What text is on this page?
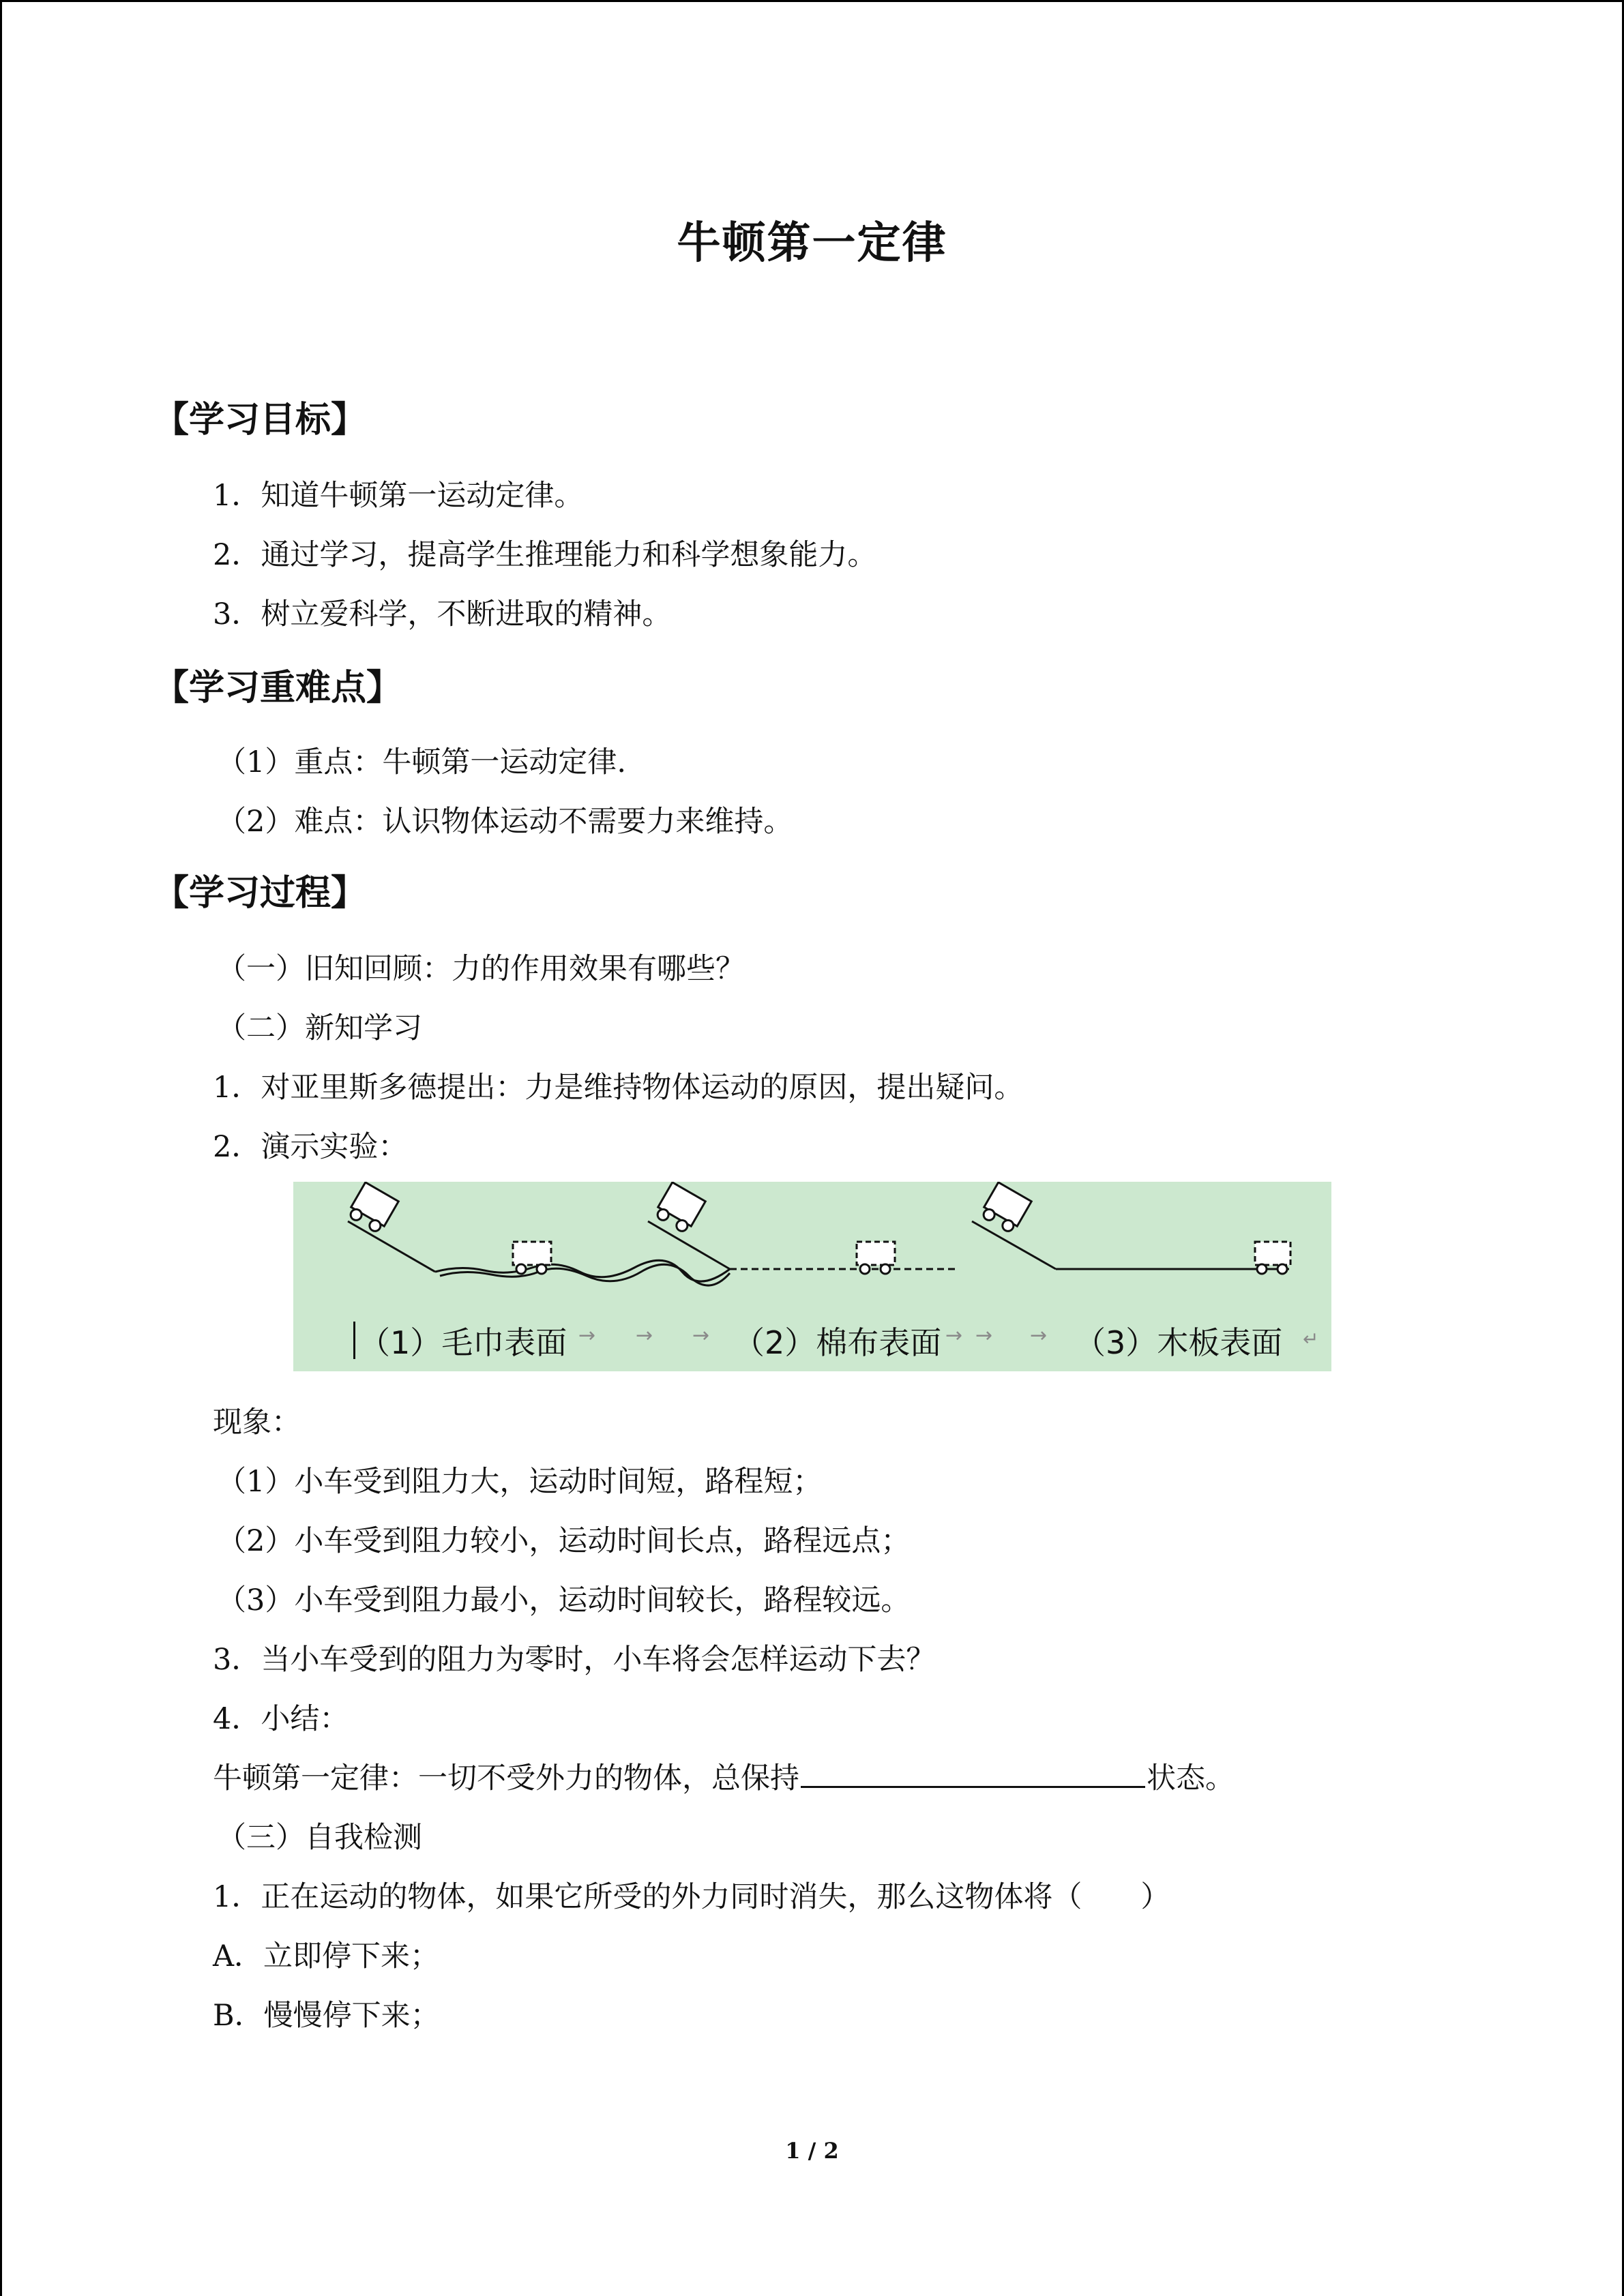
牛顿第一定律
【学习目标】
1．知道牛顿第一运动定律。
2．通过学习，提高学生推理能力和科学想象能力。
3．树立爱科学，不断进取的精神。
【学习重难点】
（1）重点：牛顿第一运动定律.
（2）难点：认识物体运动不需要力来维持。
【学习过程】
（一）旧知回顾：力的作用效果有哪些？
（二）新知学习
1．对亚里斯多德提出：力是维持物体运动的原因，提出疑问。
2．演示实验：
（1）毛巾表面 → → → （2）棉布表面 → → → （3）木板表面 ↵
现象：
（1）小车受到阻力大，运动时间短，路程短；
（2）小车受到阻力较小，运动时间长点，路程远点；
（3）小车受到阻力最小，运动时间较长，路程较远。
3．当小车受到的阻力为零时，小车将会怎样运动下去？
4．小结：
牛顿第一定律：一切不受外力的物体，总保持	状态。
（三）自我检测
1．正在运动的物体，如果它所受的外力同时消失，那么这物体将（　　）
A．立即停下来；
B．慢慢停下来；
1 / 2
